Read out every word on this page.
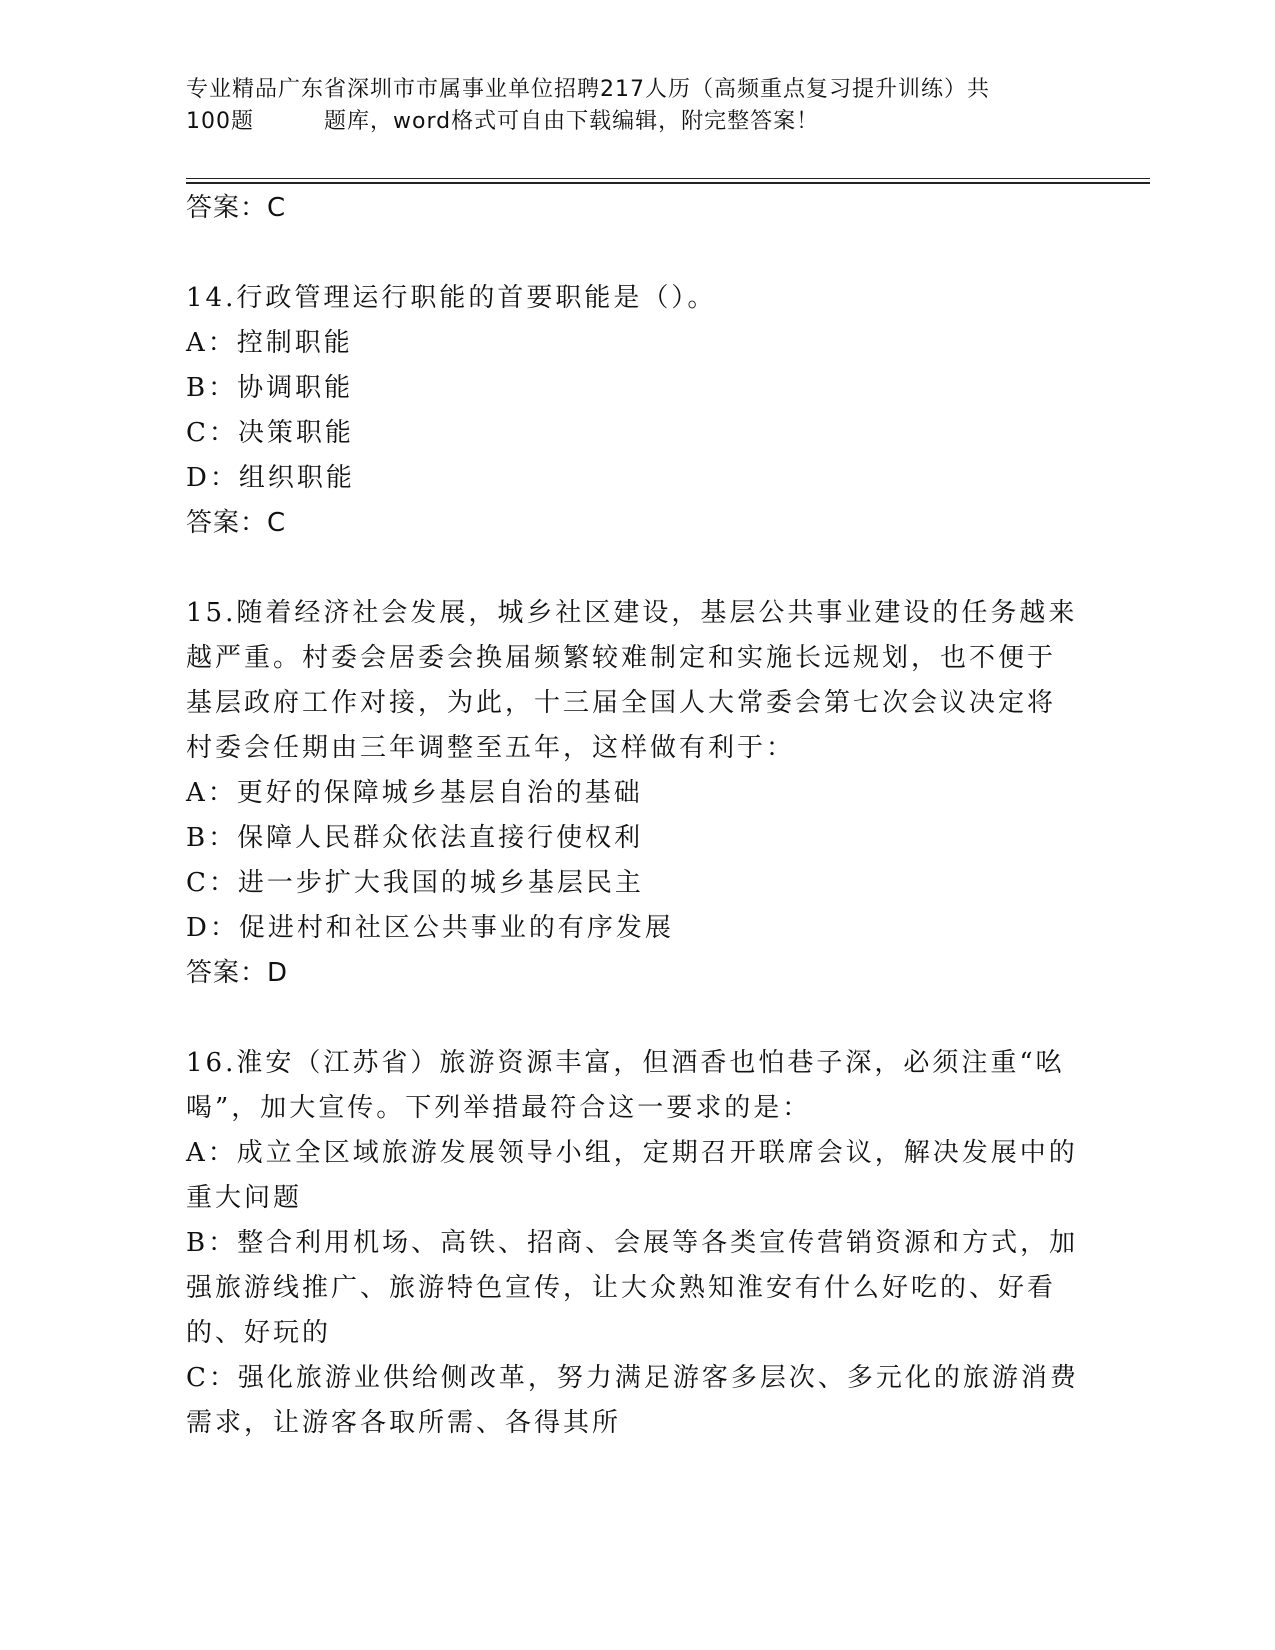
专业精品广东省深圳市市属事业单位招聘217人历（高频重点复习提升训练）共
100题	题库，word格式可自由下载编辑，附完整答案！
答案：C
14.行政管理运行职能的首要职能是（）。
A：控制职能
B：协调职能
C：决策职能
D：组织职能
答案：C
15.随着经济社会发展，城乡社区建设，基层公共事业建设的任务越来
越严重。村委会居委会换届频繁较难制定和实施长远规划，也不便于
基层政府工作对接，为此，十三届全国人大常委会第七次会议决定将
村委会任期由三年调整至五年，这样做有利于：
A：更好的保障城乡基层自治的基础
B：保障人民群众依法直接行使权利
C：进一步扩大我国的城乡基层民主
D：促进村和社区公共事业的有序发展
答案：D
16.淮安（江苏省）旅游资源丰富，但酒香也怕巷子深，必须注重“吆
喝”，加大宣传。下列举措最符合这一要求的是：
A：成立全区域旅游发展领导小组，定期召开联席会议，解决发展中的
重大问题
B：整合利用机场、高铁、招商、会展等各类宣传营销资源和方式，加
强旅游线推广、旅游特色宣传，让大众熟知淮安有什么好吃的、好看
的、好玩的
C：强化旅游业供给侧改革，努力满足游客多层次、多元化的旅游消费
需求，让游客各取所需、各得其所
